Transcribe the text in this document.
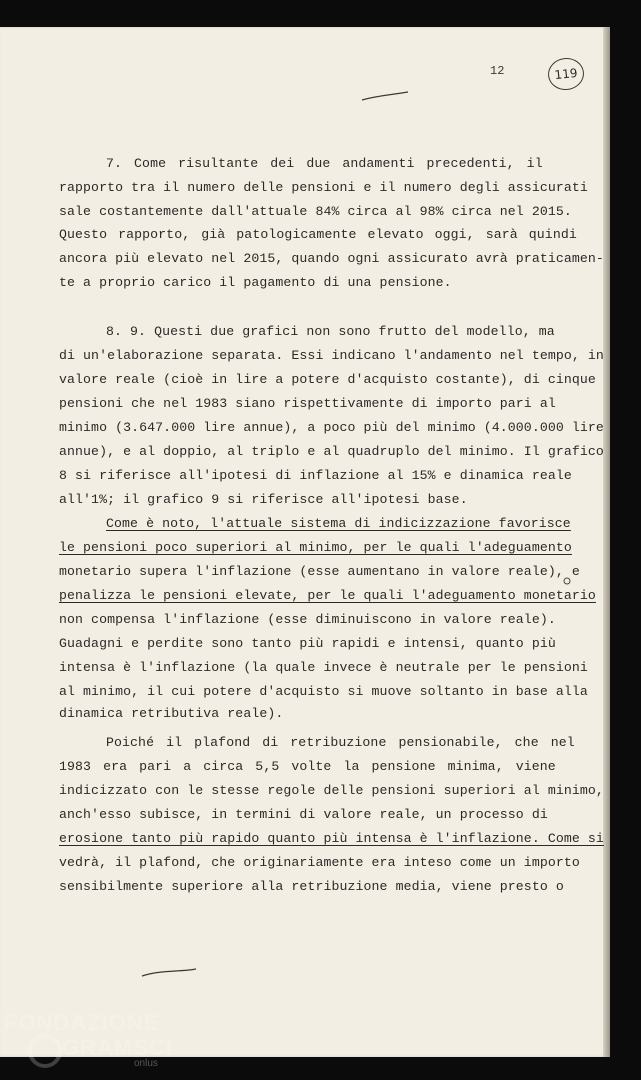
12	119
7. Come risultante dei due andamenti precedenti, il
rapporto tra il numero delle pensioni e il numero degli assicurati
sale costantemente dall'attuale 84% circa al 98% circa nel 2015.
Questo rapporto, già patologicamente elevato oggi, sarà quindi
ancora più elevato nel 2015, quando ogni assicurato avrà praticamen-
te a proprio carico il pagamento di una pensione.
8. 9. Questi due grafici non sono frutto del modello, ma
di un'elaborazione separata. Essi indicano l'andamento nel tempo, in
valore reale (cioè in lire a potere d'acquisto costante), di cinque
pensioni che nel 1983 siano rispettivamente di importo pari al
minimo (3.647.000 lire annue), a poco più del minimo (4.000.000 lire
annue), e al doppio, al triplo e al quadruplo del minimo. Il grafico
8 si riferisce all'ipotesi di inflazione al 15% e dinamica reale
all'1%; il grafico 9 si riferisce all'ipotesi base.
Come è noto, l'attuale sistema di indicizzazione favorisce
le pensioni poco superiori al minimo, per le quali l'adeguamento
monetario supera l'inflazione (esse aumentano in valore reale), e
penalizza le pensioni elevate, per le quali l'adeguamento monetario
non compensa l'inflazione (esse diminuiscono in valore reale).
Guadagni e perdite sono tanto più rapidi e intensi, quanto più
intensa è l'inflazione (la quale invece è neutrale per le pensioni
al minimo, il cui potere d'acquisto si muove soltanto in base alla
dinamica retributiva reale).
Poiché il plafond di retribuzione pensionabile, che nel
1983 era pari a circa 5,5 volte la pensione minima, viene
indicizzato con le stesse regole delle pensioni superiori al minimo,
anch'esso subisce, in termini di valore reale, un processo di
erosione tanto più rapido quanto più intensa è l'inflazione. Come si
vedrà, il plafond, che originariamente era inteso come un importo
sensibilmente superiore alla retribuzione media, viene presto o
FONDAZIONE
GRAMSCI
onlus
